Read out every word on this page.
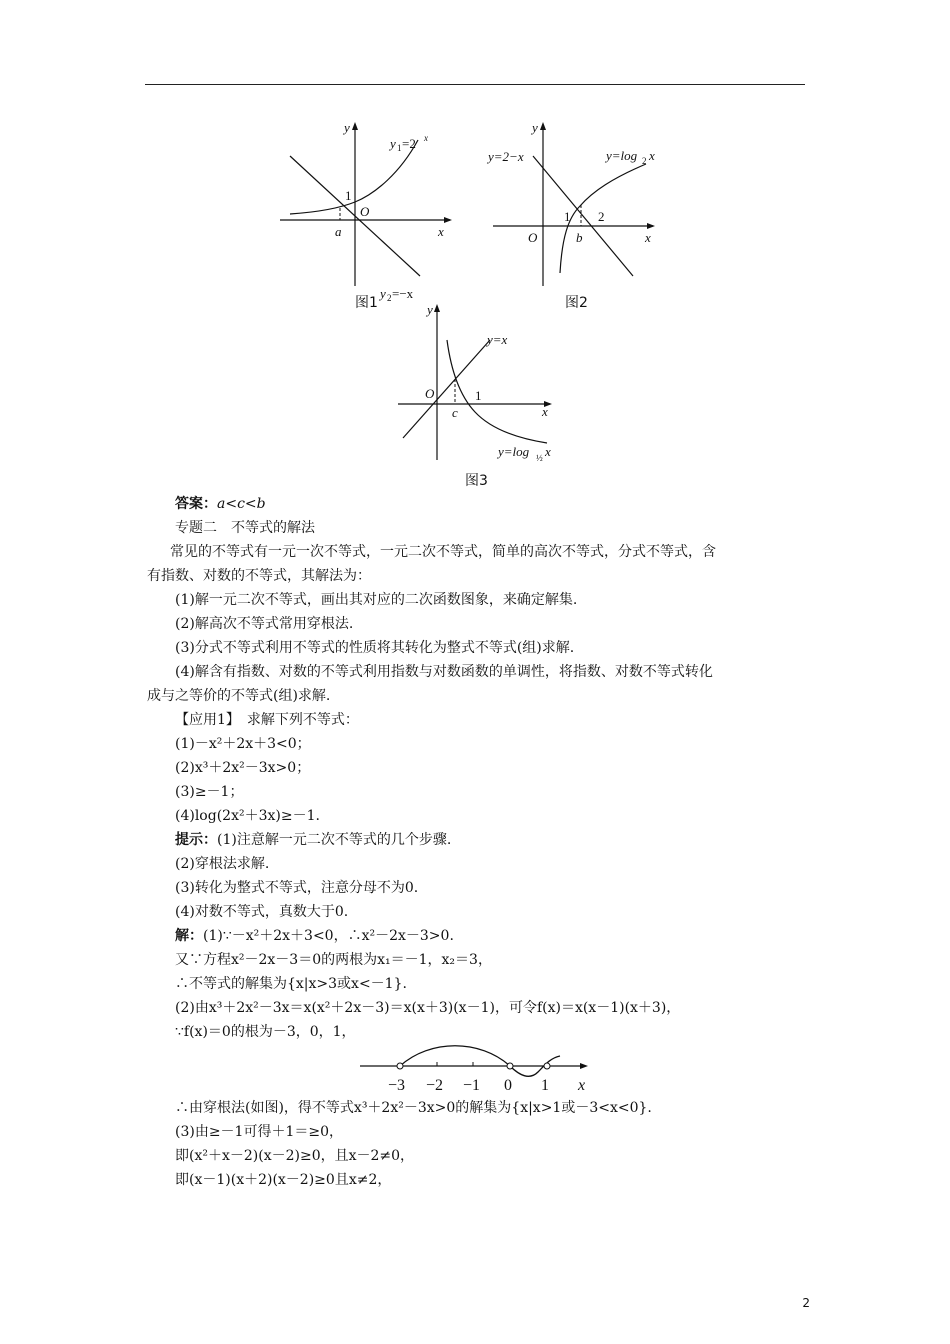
y
x
O
1
a
y 1 =2 x
y 2 =−x
图1
y
x
O
1 2
b
y=2−x	y=log 2 x
图2
y
x
O	1
c
y=x
y=log ½ x
图3
答案：a<c<b
专题二　不等式的解法
常见的不等式有一元一次不等式，一元二次不等式，简单的高次不等式，分式不等式，含
有指数、对数的不等式，其解法为：
(1)解一元二次不等式，画出其对应的二次函数图象，来确定解集.
(2)解高次不等式常用穿根法.
(3)分式不等式利用不等式的性质将其转化为整式不等式(组)求解.
(4)解含有指数、对数的不等式利用指数与对数函数的单调性，将指数、对数不等式转化
成与之等价的不等式(组)求解.
【应用1】　求解下列不等式：
(1)－x²＋2x＋3<0；
(2)x³＋2x²－3x>0；
(3)≥－1；
(4)log(2x²＋3x)≥－1.
提示：(1)注意解一元二次不等式的几个步骤.
(2)穿根法求解.
(3)转化为整式不等式，注意分母不为0.
(4)对数不等式，真数大于0.
解：(1)∵－x²＋2x＋3<0，∴x²－2x－3>0.
又∵方程x²－2x－3＝0的两根为x₁＝－1，x₂＝3，
∴不等式的解集为{x|x>3或x<－1}.
(2)由x³＋2x²－3x＝x(x²＋2x－3)＝x(x＋3)(x－1)，可令f(x)＝x(x－1)(x＋3)，
∵f(x)＝0的根为－3，0，1，
−3 −2 −1 0 1 x
∴由穿根法(如图)，得不等式x³＋2x²－3x>0的解集为{x|x>1或－3<x<0}.
(3)由≥－1可得＋1＝≥0，
即(x²＋x－2)(x－2)≥0，且x－2≠0，
即(x－1)(x＋2)(x－2)≥0且x≠2，
2
